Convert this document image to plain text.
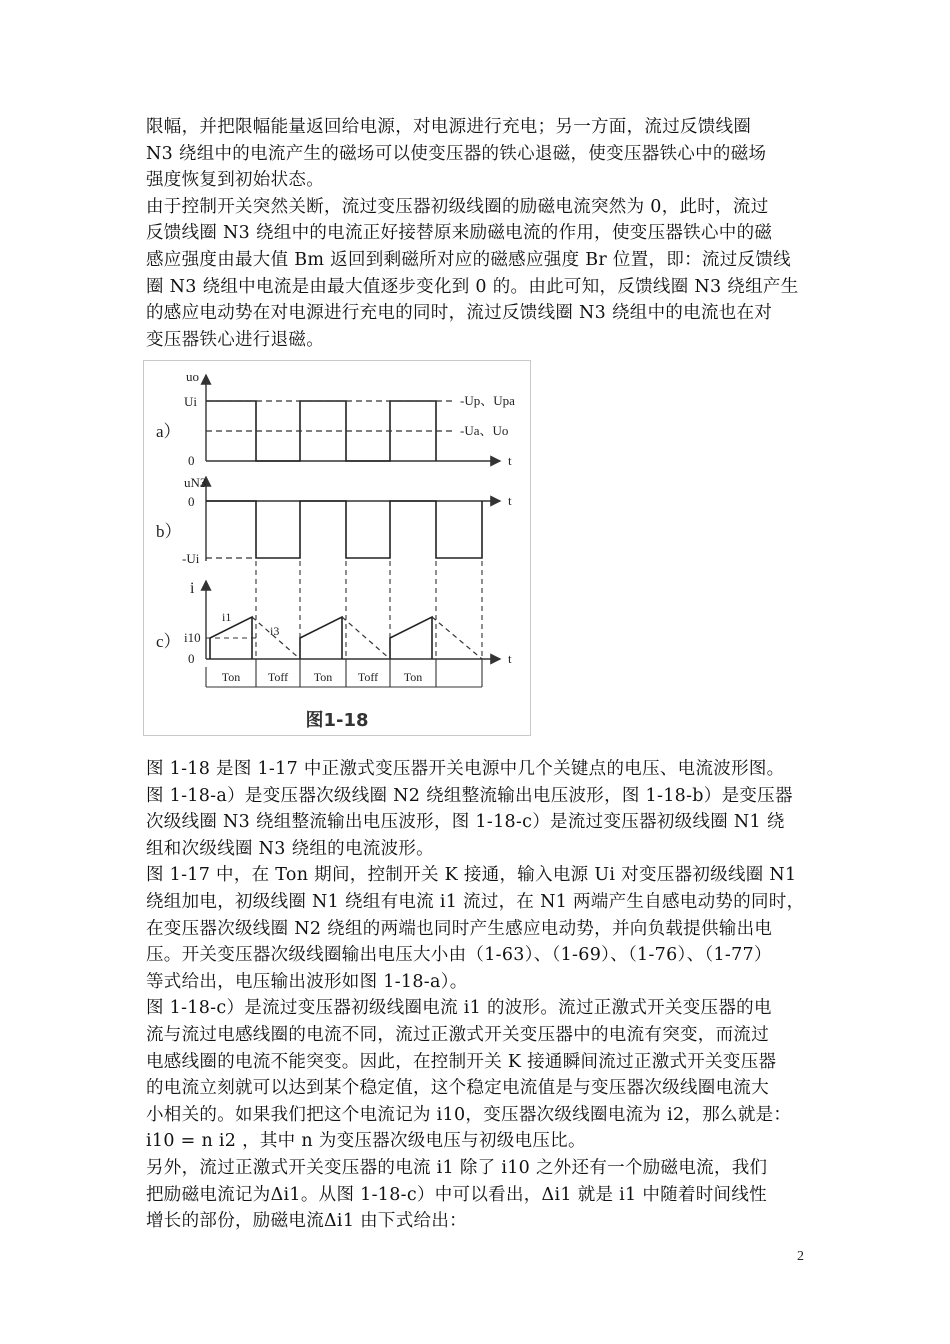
限幅，并把限幅能量返回给电源，对电源进行充电；另一方面，流过反馈线圈
N3 绕组中的电流产生的磁场可以使变压器的铁心退磁，使变压器铁心中的磁场
强度恢复到初始状态。
由于控制开关突然关断，流过变压器初级线圈的励磁电流突然为 0，此时，流过
反馈线圈 N3 绕组中的电流正好接替原来励磁电流的作用，使变压器铁心中的磁
感应强度由最大值 Bm 返回到剩磁所对应的磁感应强度 Br 位置，即：流过反馈线
圈 N3 绕组中电流是由最大值逐步变化到 0 的。由此可知，反馈线圈 N3 绕组产生
的感应电动势在对电源进行充电的同时，流过反馈线圈 N3 绕组中的电流也在对
变压器铁心进行退磁。
uo
Ui
a）
0
-Up、Upa
-Ua、Uo
t
uN3
0
b）
-Ui
t
i
c） i10
0
i1
i3
t
Ton Toff Ton Toff Ton
图1-18
图 1-18 是图 1-17 中正激式变压器开关电源中几个关键点的电压、电流波形图。
图 1-18-a）是变压器次级线圈 N2 绕组整流输出电压波形，图 1-18-b）是变压器
次级线圈 N3 绕组整流输出电压波形，图 1-18-c）是流过变压器初级线圈 N1 绕
组和次级线圈 N3 绕组的电流波形。
图 1-17 中，在 Ton 期间，控制开关 K 接通，输入电源 Ui 对变压器初级线圈 N1
绕组加电，初级线圈 N1 绕组有电流 i1 流过，在 N1 两端产生自感电动势的同时，
在变压器次级线圈 N2 绕组的两端也同时产生感应电动势，并向负载提供输出电
压。开关变压器次级线圈输出电压大小由（1-63）、（1-69）、（1-76）、（1-77）
等式给出，电压输出波形如图 1-18-a）。
图 1-18-c）是流过变压器初级线圈电流 i1 的波形。流过正激式开关变压器的电
流与流过电感线圈的电流不同，流过正激式开关变压器中的电流有突变，而流过
电感线圈的电流不能突变。因此，在控制开关 K 接通瞬间流过正激式开关变压器
的电流立刻就可以达到某个稳定值，这个稳定电流值是与变压器次级线圈电流大
小相关的。如果我们把这个电流记为 i10，变压器次级线圈电流为 i2，那么就是：
i10 = n i2 ，其中 n 为变压器次级电压与初级电压比。
另外，流过正激式开关变压器的电流 i1 除了 i10 之外还有一个励磁电流，我们
把励磁电流记为Δi1。从图 1-18-c）中可以看出，Δi1 就是 i1 中随着时间线性
增长的部份，励磁电流Δi1 由下式给出：
2
